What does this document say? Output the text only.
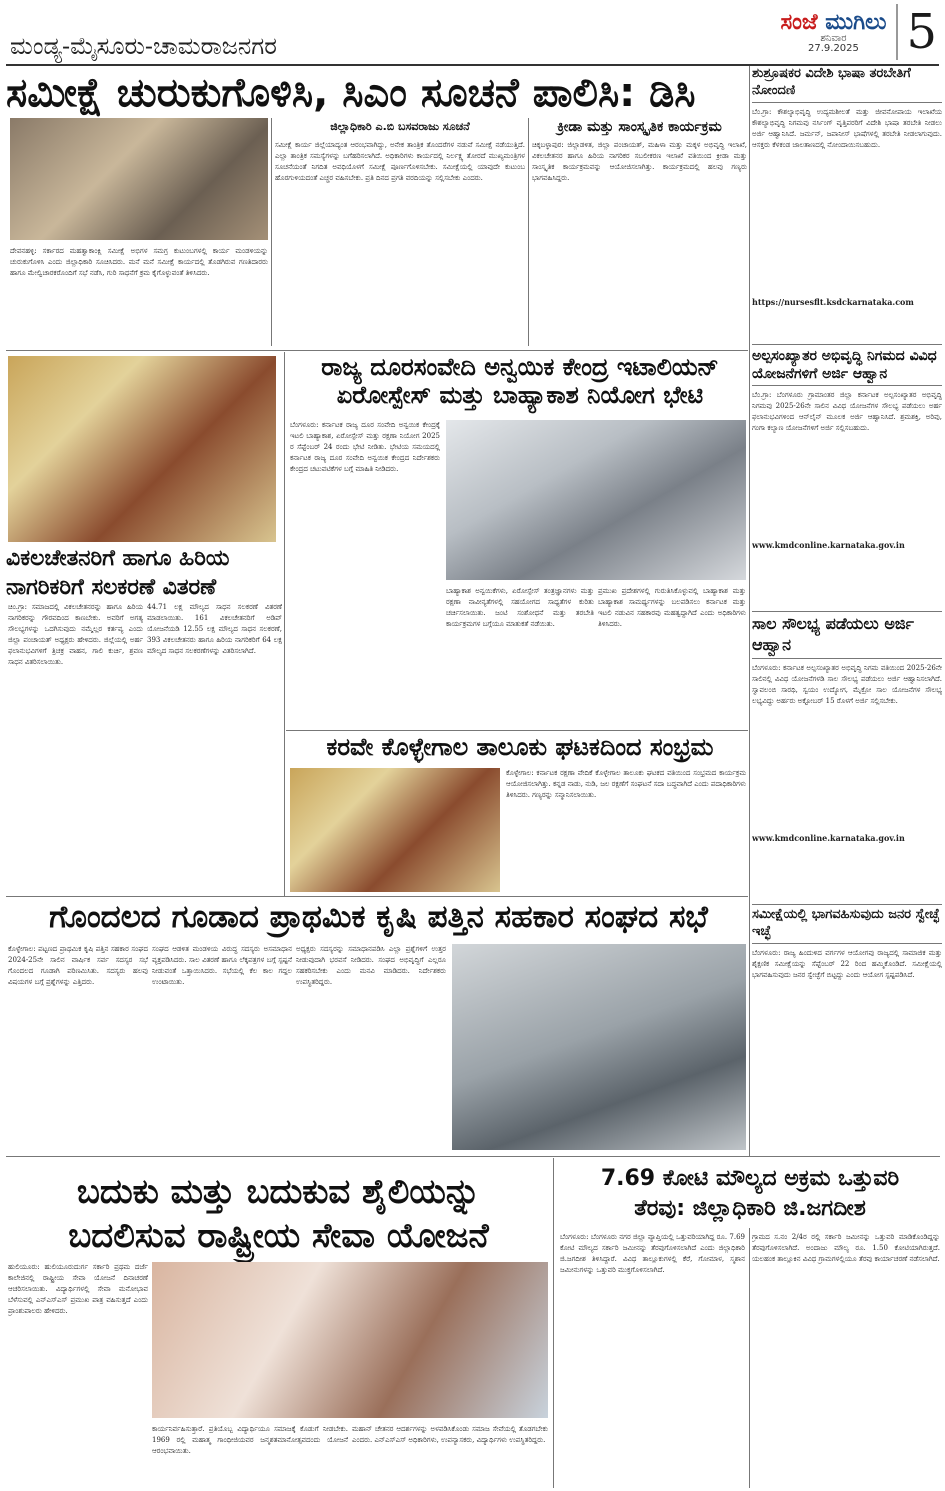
ಮಂಡ್ಯ-ಮೈಸೂರು-ಚಾಮರಾಜನಗರ
ಸಂಜೆ ಮುಗಿಲು
ಶನಿವಾರ
27.9.2025 5
ಸಮೀಕ್ಷೆ ಚುರುಕುಗೊಳಿಸಿ, ಸಿಎಂ ಸೂಚನೆ ಪಾಲಿಸಿ: ಡಿಸಿ
ಜಿಲ್ಲಾಧಿಕಾರಿ ಎ.ಬಿ ಬಸವರಾಜು ಸೂಚನೆ	ಕ್ರೀಡಾ ಮತ್ತು ಸಾಂಸ್ಕೃತಿಕ ಕಾರ್ಯಕ್ರಮ
ದೇವನಹಳ್ಳಿ: ಸರ್ಕಾರದ ಮಹತ್ವಾಕಾಂಕ್ಷಿ ಸಮೀಕ್ಷೆ ಅಭಿಗಳ ಸಮಗ್ರ ಕುಟುಂಬಗಳಲ್ಲಿ ಕಾರ್ಯ ಮಂಡಳಿಯನ್ನು ಚುರುಕುಗೊಳಿಸಿ ಎಂದು ಜಿಲ್ಲಾಧಿಕಾರಿ ಸೂಚಿಸಿದರು. ಮನೆ ಮನೆ ಸಮೀಕ್ಷೆ ಕಾರ್ಯದಲ್ಲಿ ತೊಡಗಿರುವ ಗಣತಿದಾರರು ಹಾಗೂ ಮೇಲ್ವಿಚಾರಕರೊಂದಿಗೆ ಸಭೆ ನಡೆಸಿ, ಗುರಿ ಸಾಧನೆಗೆ ಕ್ರಮ ಕೈಗೊಳ್ಳುವಂತೆ ತಿಳಿಸಿದರು.
ಸಮೀಕ್ಷೆ ಕಾರ್ಯ ಜಿಲ್ಲೆಯಾದ್ಯಂತ ಆರಂಭವಾಗಿದ್ದು, ಅನೇಕ ತಾಂತ್ರಿಕ ತೊಂದರೆಗಳ ನಡುವೆ ಸಮೀಕ್ಷೆ ನಡೆಯುತ್ತಿದೆ. ಎಲ್ಲಾ ತಾಂತ್ರಿಕ ಸಮಸ್ಯೆಗಳನ್ನು ಬಗೆಹರಿಸಲಾಗಿದೆ. ಅಧಿಕಾರಿಗಳು ಕಾರ್ಯದಲ್ಲಿ ನಿರ್ಲಕ್ಷ್ಯ ತೋರದೆ ಮುಖ್ಯಮಂತ್ರಿಗಳ ಸೂಚನೆಯಂತೆ ನಿಗದಿತ ಅವಧಿಯೊಳಗೆ ಸಮೀಕ್ಷೆ ಪೂರ್ಣಗೊಳಿಸಬೇಕು. ಸಮೀಕ್ಷೆಯಲ್ಲಿ ಯಾವುದೇ ಕುಟುಂಬ ಹೊರಗುಳಿಯದಂತೆ ಎಚ್ಚರ ವಹಿಸಬೇಕು. ಪ್ರತಿ ದಿನದ ಪ್ರಗತಿ ವರದಿಯನ್ನು ಸಲ್ಲಿಸಬೇಕು ಎಂದರು.
ಚಿಕ್ಕಬಳ್ಳಾಪುರ: ಜಿಲ್ಲಾಡಳಿತ, ಜಿಲ್ಲಾ ಪಂಚಾಯತ್, ಮಹಿಳಾ ಮತ್ತು ಮಕ್ಕಳ ಅಭಿವೃದ್ಧಿ ಇಲಾಖೆ, ವಿಕಲಚೇತನರ ಹಾಗೂ ಹಿರಿಯ ನಾಗರಿಕರ ಸಬಲೀಕರಣ ಇಲಾಖೆ ವತಿಯಿಂದ ಕ್ರೀಡಾ ಮತ್ತು ಸಾಂಸ್ಕೃತಿಕ ಕಾರ್ಯಕ್ರಮವನ್ನು ಆಯೋಜಿಸಲಾಗಿತ್ತು. ಕಾರ್ಯಕ್ರಮದಲ್ಲಿ ಹಲವು ಗಣ್ಯರು ಭಾಗವಹಿಸಿದ್ದರು.
ವಿಕಲಚೇತನರಿಗೆ ಹಾಗೂ ಹಿರಿಯ ನಾಗರಿಕರಿಗೆ ಸಲಕರಣೆ ವಿತರಣೆ
ಚಿಂ.ಗ್ರಾ: ಸಮಾಜದಲ್ಲಿ ವಿಕಲಚೇತನರನ್ನು ಹಾಗೂ ಹಿರಿಯ ನಾಗರಿಕರನ್ನು ಗೌರವದಿಂದ ಕಾಣಬೇಕು. ಅವರಿಗೆ ಅಗತ್ಯ ಸೌಲಭ್ಯಗಳನ್ನು ಒದಗಿಸುವುದು ನಮ್ಮೆಲ್ಲರ ಕರ್ತವ್ಯ ಎಂದು ಜಿಲ್ಲಾ ಪಂಚಾಯತ್ ಅಧ್ಯಕ್ಷರು ಹೇಳಿದರು. ಜಿಲ್ಲೆಯಲ್ಲಿ ಅರ್ಹ ಫಲಾನುಭವಿಗಳಿಗೆ ತ್ರಿಚಕ್ರ ವಾಹನ, ಗಾಲಿ ಕುರ್ಚಿ, ಶ್ರವಣ ಸಾಧನ ವಿತರಿಸಲಾಯಿತು.
44.71 ಲಕ್ಷ ಮೌಲ್ಯದ ಸಾಧನ ಸಲಕರಣೆ ವಿತರಣೆ ಮಾಡಲಾಯಿತು. 161 ವಿಕಲಚೇತನರಿಗೆ ಅಡಿಪ್ ಯೋಜನೆಯಡಿ 12.55 ಲಕ್ಷ ಮೌಲ್ಯದ ಸಾಧನ ಸಲಕರಣೆ, 393 ವಿಕಲಚೇತನರು ಹಾಗೂ ಹಿರಿಯ ನಾಗರಿಕರಿಗೆ 64 ಲಕ್ಷ ಮೌಲ್ಯದ ಸಾಧನ ಸಲಕರಣೆಗಳನ್ನು ವಿತರಿಸಲಾಗಿದೆ.
ರಾಜ್ಯ ದೂರಸಂವೇದಿ ಅನ್ವಯಿಕ ಕೇಂದ್ರ ಇಟಾಲಿಯನ್ ಏರೋಸ್ಪೇಸ್ ಮತ್ತು ಬಾಹ್ಯಾಕಾಶ ನಿಯೋಗ ಭೇಟಿ
ಬೆಂಗಳೂರು: ಕರ್ನಾಟಕ ರಾಜ್ಯ ದೂರ ಸಂವೇದಿ ಅನ್ವಯಿಕ ಕೇಂದ್ರಕ್ಕೆ ಇಟಲಿ ಬಾಹ್ಯಾಕಾಶ, ಏರೋಸ್ಪೇಸ್ ಮತ್ತು ರಕ್ಷಣಾ ನಿಯೋಗ 2025 ರ ಸೆಪ್ಟೆಂಬರ್ 24 ರಂದು ಭೇಟಿ ನೀಡಿತು. ಭೇಟಿಯ ಸಮಯದಲ್ಲಿ ಕರ್ನಾಟಕ ರಾಜ್ಯ ದೂರ ಸಂವೇದಿ ಅನ್ವಯಿಕ ಕೇಂದ್ರದ ನಿರ್ದೇಶಕರು ಕೇಂದ್ರದ ಚಟುವಟಿಕೆಗಳ ಬಗ್ಗೆ ಮಾಹಿತಿ ನೀಡಿದರು.
ಬಾಹ್ಯಾಕಾಶ ಅನ್ವಯಿಕೆಗಳು, ಏರೋಸ್ಪೇಸ್ ತಂತ್ರಜ್ಞಾನಗಳು ಮತ್ತು ರಕ್ಷಣಾ ನಾವೀನ್ಯತೆಗಳಲ್ಲಿ ಸಹಯೋಗದ ಸಾಧ್ಯತೆಗಳ ಕುರಿತು ಚರ್ಚಿಸಲಾಯಿತು. ಜಂಟಿ ಸಂಶೋಧನೆ ಮತ್ತು ತರಬೇತಿ ಕಾರ್ಯಕ್ರಮಗಳ ಬಗ್ಗೆಯೂ ಮಾತುಕತೆ ನಡೆಯಿತು.
ಪ್ರಮುಖ ಪ್ರದೇಶಗಳಲ್ಲಿ ಗುರುತಿಸಿಕೊಳ್ಳುವಲ್ಲಿ ಬಾಹ್ಯಾಕಾಶ ಮತ್ತು ಬಾಹ್ಯಾಕಾಶ ಸಾಮರ್ಥ್ಯಗಳನ್ನು ಬಲಪಡಿಸಲು ಕರ್ನಾಟಕ ಮತ್ತು ಇಟಲಿ ನಡುವಿನ ಸಹಕಾರವು ಮಹತ್ವದ್ದಾಗಿದೆ ಎಂದು ಅಧಿಕಾರಿಗಳು ತಿಳಿಸಿದರು.
ಕರವೇ ಕೊಳ್ಳೇಗಾಲ ತಾಲೂಕು ಘಟಕದಿಂದ ಸಂಭ್ರಮ
ಕೊಳ್ಳೇಗಾಲ: ಕರ್ನಾಟಕ ರಕ್ಷಣಾ ವೇದಿಕೆ ಕೊಳ್ಳೇಗಾಲ ತಾಲೂಕು ಘಟಕದ ವತಿಯಿಂದ ಸಂಭ್ರಮದ ಕಾರ್ಯಕ್ರಮ ಆಯೋಜಿಸಲಾಗಿತ್ತು. ಕನ್ನಡ ನಾಡು, ನುಡಿ, ಜಲ ರಕ್ಷಣೆಗೆ ಸಂಘಟನೆ ಸದಾ ಬದ್ಧವಾಗಿದೆ ಎಂದು ಪದಾಧಿಕಾರಿಗಳು ತಿಳಿಸಿದರು. ಗಣ್ಯರನ್ನು ಸನ್ಮಾನಿಸಲಾಯಿತು.
ಗೊಂದಲದ ಗೂಡಾದ ಪ್ರಾಥಮಿಕ ಕೃಷಿ ಪತ್ತಿನ ಸಹಕಾರ ಸಂಘದ ಸಭೆ
ಕೊಳ್ಳೇಗಾಲ: ಪಟ್ಟಣದ ಪ್ರಾಥಮಿಕ ಕೃಷಿ ಪತ್ತಿನ ಸಹಕಾರ ಸಂಘದ 2024-25ನೇ ಸಾಲಿನ ವಾರ್ಷಿಕ ಸರ್ವ ಸದಸ್ಯರ ಸಭೆ ಗೊಂದಲದ ಗೂಡಾಗಿ ಪರಿಣಮಿಸಿತು. ಸದಸ್ಯರು ಹಲವು ವಿಷಯಗಳ ಬಗ್ಗೆ ಪ್ರಶ್ನೆಗಳನ್ನು ಎತ್ತಿದರು.
ಸಂಘದ ಆಡಳಿತ ಮಂಡಳಿಯ ವಿರುದ್ಧ ಸದಸ್ಯರು ಅಸಮಾಧಾನ ವ್ಯಕ್ತಪಡಿಸಿದರು. ಸಾಲ ವಿತರಣೆ ಹಾಗೂ ಲೆಕ್ಕಪತ್ರಗಳ ಬಗ್ಗೆ ಸ್ಪಷ್ಟನೆ ನೀಡುವಂತೆ ಒತ್ತಾಯಿಸಿದರು. ಸಭೆಯಲ್ಲಿ ಕೆಲ ಕಾಲ ಗದ್ದಲ ಉಂಟಾಯಿತು.
ಅಧ್ಯಕ್ಷರು ಸದಸ್ಯರನ್ನು ಸಮಾಧಾನಪಡಿಸಿ ಎಲ್ಲಾ ಪ್ರಶ್ನೆಗಳಿಗೆ ಉತ್ತರ ನೀಡುವುದಾಗಿ ಭರವಸೆ ನೀಡಿದರು. ಸಂಘದ ಅಭಿವೃದ್ಧಿಗೆ ಎಲ್ಲರೂ ಸಹಕರಿಸಬೇಕು ಎಂದು ಮನವಿ ಮಾಡಿದರು. ನಿರ್ದೇಶಕರು ಉಪಸ್ಥಿತರಿದ್ದರು.
ಬದುಕು ಮತ್ತು ಬದುಕುವ ಶೈಲಿಯನ್ನು
ಬದಲಿಸುವ ರಾಷ್ಟ್ರೀಯ ಸೇವಾ ಯೋಜನೆ
ಹುಲಿಯೂರು: ಹುಲಿಯೂರುದುರ್ಗ ಸರ್ಕಾರಿ ಪ್ರಥಮ ದರ್ಜೆ ಕಾಲೇಜಿನಲ್ಲಿ ರಾಷ್ಟ್ರೀಯ ಸೇವಾ ಯೋಜನೆ ದಿನಾಚರಣೆ ಆಚರಿಸಲಾಯಿತು. ವಿದ್ಯಾರ್ಥಿಗಳಲ್ಲಿ ಸೇವಾ ಮನೋಭಾವ ಬೆಳೆಸುವಲ್ಲಿ ಎನ್ಎಸ್ಎಸ್ ಪ್ರಮುಖ ಪಾತ್ರ ವಹಿಸುತ್ತದೆ ಎಂದು ಪ್ರಾಂಶುಪಾಲರು ಹೇಳಿದರು.
ಕಾರ್ಯನಿರ್ವಹಿಸುತ್ತಾರೆ. ಪ್ರತಿಯೊಬ್ಬ ವಿದ್ಯಾರ್ಥಿಯೂ ಸಮಾಜಕ್ಕೆ ಕೊಡುಗೆ ನೀಡಬೇಕು. 1969 ರಲ್ಲಿ ಮಹಾತ್ಮ ಗಾಂಧೀಜಿಯವರ ಜನ್ಮಶತಮಾನೋತ್ಸವದಂದು ಯೋಜನೆ ಆರಂಭವಾಯಿತು.
ಮಹಾನ್ ಚೇತನರ ಆದರ್ಶಗಳನ್ನು ಅಳವಡಿಸಿಕೊಂಡು ಸಮಾಜ ಸೇವೆಯಲ್ಲಿ ತೊಡಗಬೇಕು ಎಂದರು. ಎನ್ಎಸ್ಎಸ್ ಅಧಿಕಾರಿಗಳು, ಉಪನ್ಯಾಸಕರು, ವಿದ್ಯಾರ್ಥಿಗಳು ಉಪಸ್ಥಿತರಿದ್ದರು.
7.69 ಕೋಟಿ ಮೌಲ್ಯದ ಅಕ್ರಮ ಒತ್ತುವರಿ
ತೆರವು: ಜಿಲ್ಲಾಧಿಕಾರಿ ಜಿ.ಜಗದೀಶ
ಬೆಂಗಳೂರು: ಬೆಂಗಳೂರು ನಗರ ಜಿಲ್ಲಾ ವ್ಯಾಪ್ತಿಯಲ್ಲಿ ಒತ್ತುವರಿಯಾಗಿದ್ದ ರೂ. 7.69 ಕೋಟಿ ಮೌಲ್ಯದ ಸರ್ಕಾರಿ ಜಮೀನನ್ನು ತೆರವುಗೊಳಿಸಲಾಗಿದೆ ಎಂದು ಜಿಲ್ಲಾಧಿಕಾರಿ ಜಿ.ಜಗದೀಶ ತಿಳಿಸಿದ್ದಾರೆ. ವಿವಿಧ ತಾಲ್ಲೂಕುಗಳಲ್ಲಿ ಕೆರೆ, ಗೋಮಾಳ, ಸ್ಮಶಾನ ಜಮೀನುಗಳನ್ನು ಒತ್ತುವರಿ ಮುಕ್ತಗೊಳಿಸಲಾಗಿದೆ.
ಗ್ರಾಮದ ಸ.ನಂ 2/4ರ ರಲ್ಲಿ ಸರ್ಕಾರಿ ಜಮೀನನ್ನು ಒತ್ತುವರಿ ಮಾಡಿಕೊಂಡಿದ್ದನ್ನು ತೆರವುಗೊಳಿಸಲಾಗಿದೆ. ಅಂದಾಜು ಮೌಲ್ಯ ರೂ. 1.50 ಕೋಟಿಯಾಗಿರುತ್ತದೆ. ಯಲಹಂಕ ತಾಲ್ಲೂಕಿನ ವಿವಿಧ ಗ್ರಾಮಗಳಲ್ಲಿಯೂ ತೆರವು ಕಾರ್ಯಾಚರಣೆ ನಡೆಸಲಾಗಿದೆ.
ಶುಶ್ರೂಷಕರ ವಿದೇಶಿ ಭಾಷಾ ತರಬೇತಿಗೆ ನೋಂದಣಿ
ಬೆಂ.ಗ್ರಾ: ಕೌಶಲ್ಯಾಭಿವೃದ್ಧಿ ಉದ್ಯಮಶೀಲತೆ ಮತ್ತು ಜೀವನೋಪಾಯ ಇಲಾಖೆಯ ಕೌಶಲ್ಯಾಭಿವೃದ್ಧಿ ನಿಗಮವು ನರ್ಸಿಂಗ್ ವೃತ್ತಿಪರರಿಗೆ ವಿದೇಶಿ ಭಾಷಾ ತರಬೇತಿ ನೀಡಲು ಅರ್ಜಿ ಆಹ್ವಾನಿಸಿದೆ. ಜರ್ಮನ್, ಜಪಾನೀಸ್ ಭಾಷೆಗಳಲ್ಲಿ ತರಬೇತಿ ನೀಡಲಾಗುವುದು. ಆಸಕ್ತರು ಕೆಳಕಂಡ ಜಾಲತಾಣದಲ್ಲಿ ನೋಂದಾಯಿಸಬಹುದು.
https://nursesflt.ksdckarnataka.com
ಅಲ್ಪಸಂಖ್ಯಾತರ ಅಭಿವೃದ್ಧಿ ನಿಗಮದ ವಿವಿಧ ಯೋಜನೆಗಳಿಗೆ ಅರ್ಜಿ ಆಹ್ವಾನ
ಬೆಂ.ಗ್ರಾ: ಬೆಂಗಳೂರು ಗ್ರಾಮಾಂತರ ಜಿಲ್ಲಾ ಕರ್ನಾಟಕ ಅಲ್ಪಸಂಖ್ಯಾತರ ಅಭಿವೃದ್ಧಿ ನಿಗಮವು 2025-26ನೇ ಸಾಲಿನ ವಿವಿಧ ಯೋಜನೆಗಳ ಸೌಲಭ್ಯ ಪಡೆಯಲು ಅರ್ಹ ಫಲಾನುಭವಿಗಳಿಂದ ಆನ್‌ಲೈನ್ ಮೂಲಕ ಅರ್ಜಿ ಆಹ್ವಾನಿಸಿದೆ. ಶ್ರಮಶಕ್ತಿ, ಅರಿವು, ಗಂಗಾ ಕಲ್ಯಾಣ ಯೋಜನೆಗಳಿಗೆ ಅರ್ಜಿ ಸಲ್ಲಿಸಬಹುದು.
www.kmdconline.karnataka.gov.in
ಸಾಲ ಸೌಲಭ್ಯ ಪಡೆಯಲು ಅರ್ಜಿ ಆಹ್ವಾನ
ಬೆಂಗಳೂರು: ಕರ್ನಾಟಕ ಅಲ್ಪಸಂಖ್ಯಾತರ ಅಭಿವೃದ್ಧಿ ನಿಗಮ ವತಿಯಿಂದ 2025-26ನೇ ಸಾಲಿನಲ್ಲಿ ವಿವಿಧ ಯೋಜನೆಗಳಡಿ ಸಾಲ ಸೌಲಭ್ಯ ಪಡೆಯಲು ಅರ್ಜಿ ಆಹ್ವಾನಿಸಲಾಗಿದೆ. ಸ್ವಾವಲಂಬಿ ಸಾರಥಿ, ಸ್ವಯಂ ಉದ್ಯೋಗ, ಮೈಕ್ರೋ ಸಾಲ ಯೋಜನೆಗಳ ಸೌಲಭ್ಯ ಲಭ್ಯವಿದ್ದು ಅರ್ಹರು ಅಕ್ಟೋಬರ್ 15 ರೊಳಗೆ ಅರ್ಜಿ ಸಲ್ಲಿಸಬೇಕು.
www.kmdconline.karnataka.gov.in
ಸಮೀಕ್ಷೆಯಲ್ಲಿ ಭಾಗವಹಿಸುವುದು ಜನರ ಸ್ವೇಚ್ಛೆ ಇಚ್ಛೆ
ಬೆಂಗಳೂರು: ರಾಜ್ಯ ಹಿಂದುಳಿದ ವರ್ಗಗಳ ಆಯೋಗವು ರಾಜ್ಯದಲ್ಲಿ ಸಾಮಾಜಿಕ ಮತ್ತು ಶೈಕ್ಷಣಿಕ ಸಮೀಕ್ಷೆಯನ್ನು ಸೆಪ್ಟೆಂಬರ್ 22 ರಿಂದ ಹಮ್ಮಿಕೊಂಡಿದೆ. ಸಮೀಕ್ಷೆಯಲ್ಲಿ ಭಾಗವಹಿಸುವುದು ಜನರ ಸ್ವೇಚ್ಛೆಗೆ ಬಿಟ್ಟದ್ದು ಎಂದು ಆಯೋಗ ಸ್ಪಷ್ಟಪಡಿಸಿದೆ.
